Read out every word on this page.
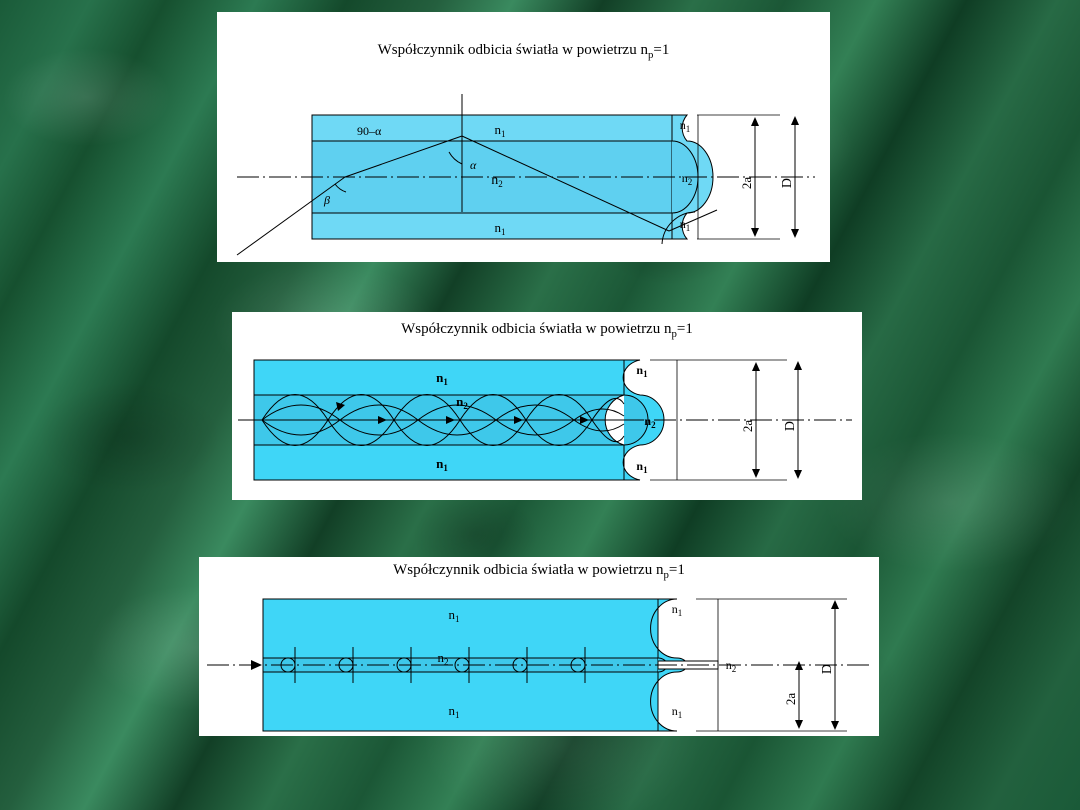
Współczynnik odbicia światła w powietrzu $n_p=1$
$n_1$
$n_2$
$n_1$
$n_1$
$n_2$
$n_1$
2a D
α
β
90–α
Współczynnik odbicia światła w powietrzu $n_p=1$
$n_1$
$n_2$
$n_1$
$n_1$
$n_2$
$n_1$
2a D
Współczynnik odbicia światła w powietrzu $n_p=1$
$n_1$
$n_2$
$n_1$
$n_1$
$n_2$
$n_1$
2a
D
